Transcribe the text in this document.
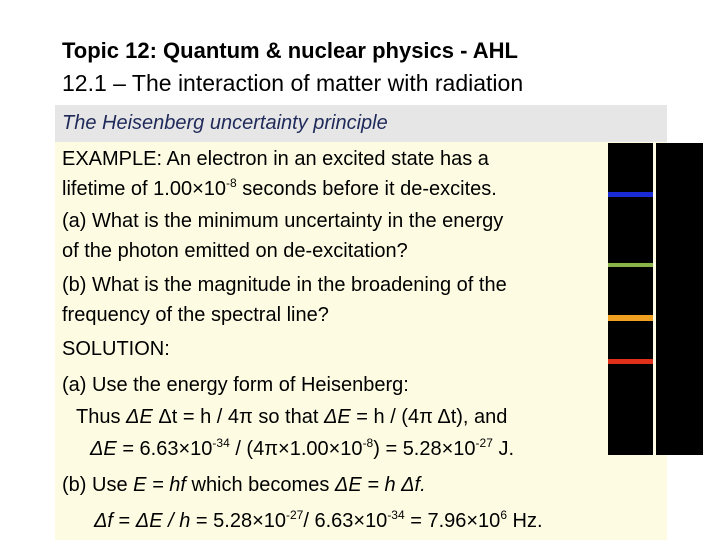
Topic 12: Quantum & nuclear physics - AHL
12.1 – The interaction of matter with radiation
The Heisenberg uncertainty principle
EXAMPLE: An electron in an excited state has a
lifetime of $1.00\times 10^{-8}$ seconds before it de-excites.
(a) What is the minimum uncertainty in the energy
of the photon emitted on de-excitation?
(b) What is the magnitude in the broadening of the
frequency of the spectral line?
SOLUTION:
(a) Use the energy form of Heisenberg:
Thus ΔE Δt = h / 4π so that ΔE = h / (4π Δt), and
$\Delta E = 6.63\times 10^{-34} / (4\pi\times 1.00\times 10^{-8}) = 5.28\times 10^{-27}$ J.
(b) Use E = hf which becomes ΔE = h Δf.
$\Delta f = \Delta E / h = 5.28\times 10^{-27}/$ $6.63\times 10^{-34} = 7.96\times 10^6$ Hz.
